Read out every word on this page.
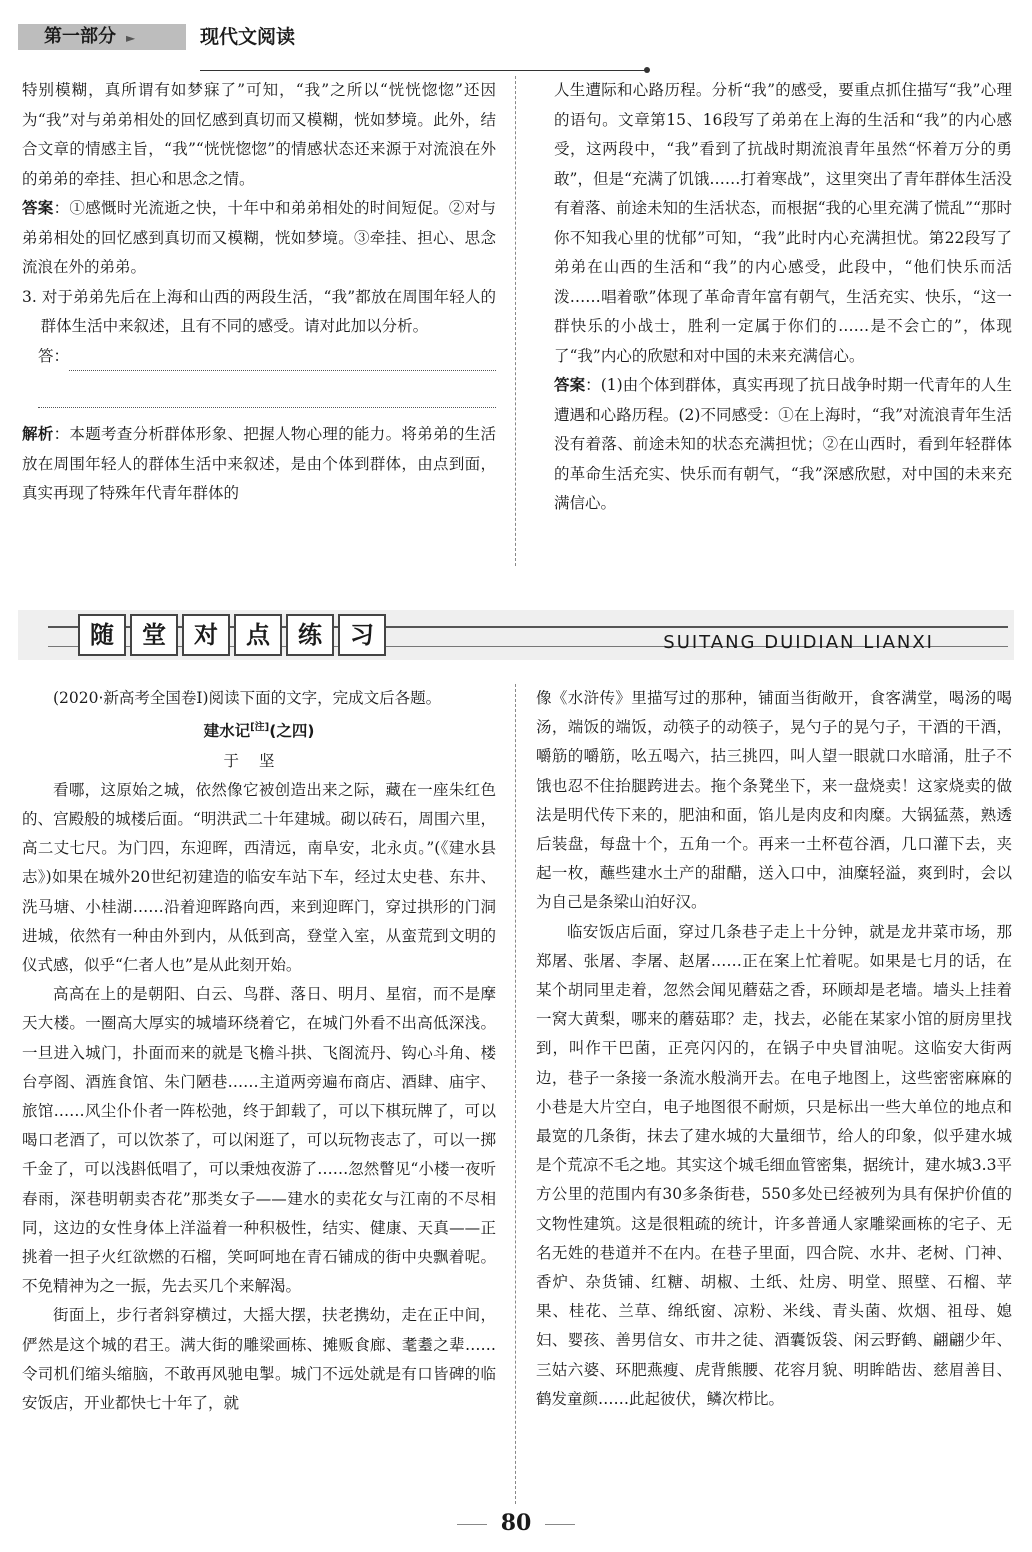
第一部分 ►	现代文阅读

特别模糊，真所谓有如梦寐了”可知，“我”之所以“恍恍惚惚”还因为“我”对与弟弟相处的回忆感到真切而又模糊，恍如梦境。此外，结合文章的情感主旨，“我”“恍恍惚惚”的情感状态还来源于对流浪在外的弟弟的牵挂、担心和思念之情。

答案：①感慨时光流逝之快，十年中和弟弟相处的时间短促。②对与弟弟相处的回忆感到真切而又模糊，恍如梦境。③牵挂、担心、思念流浪在外的弟弟。

3. 对于弟弟先后在上海和山西的两段生活，“我”都放在周围年轻人的群体生活中来叙述，且有不同的感受。请对此加以分析。

答：

解析：本题考查分析群体形象、把握人物心理的能力。将弟弟的生活放在周围年轻人的群体生活中来叙述，是由个体到群体，由点到面，真实再现了特殊年代青年群体的

人生遭际和心路历程。分析“我”的感受，要重点抓住描写“我”心理的语句。文章第15、16段写了弟弟在上海的生活和“我”的内心感受，这两段中，“我”看到了抗战时期流浪青年虽然“怀着万分的勇敢”，但是“充满了饥饿……打着寒战”，这里突出了青年群体生活没有着落、前途未知的生活状态，而根据“我的心里充满了慌乱”“那时你不知我心里的忧郁”可知，“我”此时内心充满担忧。第22段写了弟弟在山西的生活和“我”的内心感受，此段中，“他们快乐而活泼……唱着歌”体现了革命青年富有朝气，生活充实、快乐，“这一群快乐的小战士，胜利一定属于你们的……是不会亡的”，体现了“我”内心的欣慰和对中国的未来充满信心。

答案：(1)由个体到群体，真实再现了抗日战争时期一代青年的人生遭遇和心路历程。(2)不同感受：①在上海时，“我”对流浪青年生活没有着落、前途未知的状态充满担忧；②在山西时，看到年轻群体的革命生活充实、快乐而有朝气，“我”深感欣慰，对中国的未来充满信心。

随	堂	对	点	练	习	SUITANG DUIDIAN LIANXI

(2020·新高考全国卷Ⅰ)阅读下面的文字，完成文后各题。

建水记[注](之四)

于坚

看哪，这原始之城，依然像它被创造出来之际，藏在一座朱红色的、宫殿般的城楼后面。“明洪武二十年建城。砌以砖石，周围六里，高二丈七尺。为门四，东迎晖，西清远，南阜安，北永贞。”(《建水县志》)如果在城外20世纪初建造的临安车站下车，经过太史巷、东井、洗马塘、小桂湖……沿着迎晖路向西，来到迎晖门，穿过拱形的门洞进城，依然有一种由外到内，从低到高，登堂入室，从蛮荒到文明的仪式感，似乎“仁者人也”是从此刻开始。

高高在上的是朝阳、白云、鸟群、落日、明月、星宿，而不是摩天大楼。一圈高大厚实的城墙环绕着它，在城门外看不出高低深浅。一旦进入城门，扑面而来的就是飞檐斗拱、飞阁流丹、钩心斗角、楼台亭阁、酒旌食馆、朱门陋巷……主道两旁遍布商店、酒肆、庙宇、旅馆……风尘仆仆者一阵松弛，终于卸载了，可以下棋玩牌了，可以喝口老酒了，可以饮茶了，可以闲逛了，可以玩物丧志了，可以一掷千金了，可以浅斟低唱了，可以秉烛夜游了……忽然瞥见“小楼一夜听春雨，深巷明朝卖杏花”那类女子——建水的卖花女与江南的不尽相同，这边的女性身体上洋溢着一种积极性，结实、健康、天真——正挑着一担子火红欲燃的石榴，笑呵呵地在青石铺成的街中央飘着呢。不免精神为之一振，先去买几个来解渴。

街面上，步行者斜穿横过，大摇大摆，扶老携幼，走在正中间，俨然是这个城的君王。满大街的雕梁画栋、摊贩食廊、耄耋之辈……令司机们缩头缩脑，不敢再风驰电掣。城门不远处就是有口皆碑的临安饭店，开业都快七十年了，就

像《水浒传》里描写过的那种，铺面当街敞开，食客满堂，喝汤的喝汤，端饭的端饭，动筷子的动筷子，晃勺子的晃勺子，干酒的干酒，嚼筋的嚼筋，吆五喝六，拈三挑四，叫人望一眼就口水暗涌，肚子不饿也忍不住抬腿跨进去。拖个条凳坐下，来一盘烧卖！这家烧卖的做法是明代传下来的，肥油和面，馅儿是肉皮和肉糜。大锅猛蒸，熟透后装盘，每盘十个，五角一个。再来一土杯苞谷酒，几口灌下去，夹起一枚，蘸些建水土产的甜醋，送入口中，油糜轻溢，爽到时，会以为自己是条梁山泊好汉。

临安饭店后面，穿过几条巷子走上十分钟，就是龙井菜市场，那郑屠、张屠、李屠、赵屠……正在案上忙着呢。如果是七月的话，在某个胡同里走着，忽然会闻见蘑菇之香，环顾却是老墙。墙头上挂着一窝大黄梨，哪来的蘑菇耶？走，找去，必能在某家小馆的厨房里找到，叫作干巴菌，正亮闪闪的，在锅子中央冒油呢。这临安大街两边，巷子一条接一条流水般淌开去。在电子地图上，这些密密麻麻的小巷是大片空白，电子地图很不耐烦，只是标出一些大单位的地点和最宽的几条街，抹去了建水城的大量细节，给人的印象，似乎建水城是个荒凉不毛之地。其实这个城毛细血管密集，据统计，建水城3.3平方公里的范围内有30多条街巷，550多处已经被列为具有保护价值的文物性建筑。这是很粗疏的统计，许多普通人家雕梁画栋的宅子、无名无姓的巷道并不在内。在巷子里面，四合院、水井、老树、门神、香炉、杂货铺、红糖、胡椒、土纸、灶房、明堂、照壁、石榴、苹果、桂花、兰草、绵纸窗、凉粉、米线、青头菌、炊烟、祖母、媳妇、婴孩、善男信女、市井之徒、酒囊饭袋、闲云野鹤、翩翩少年、三姑六婆、环肥燕瘦、虎背熊腰、花容月貌、明眸皓齿、慈眉善目、鹤发童颜……此起彼伏，鳞次栉比。

80
